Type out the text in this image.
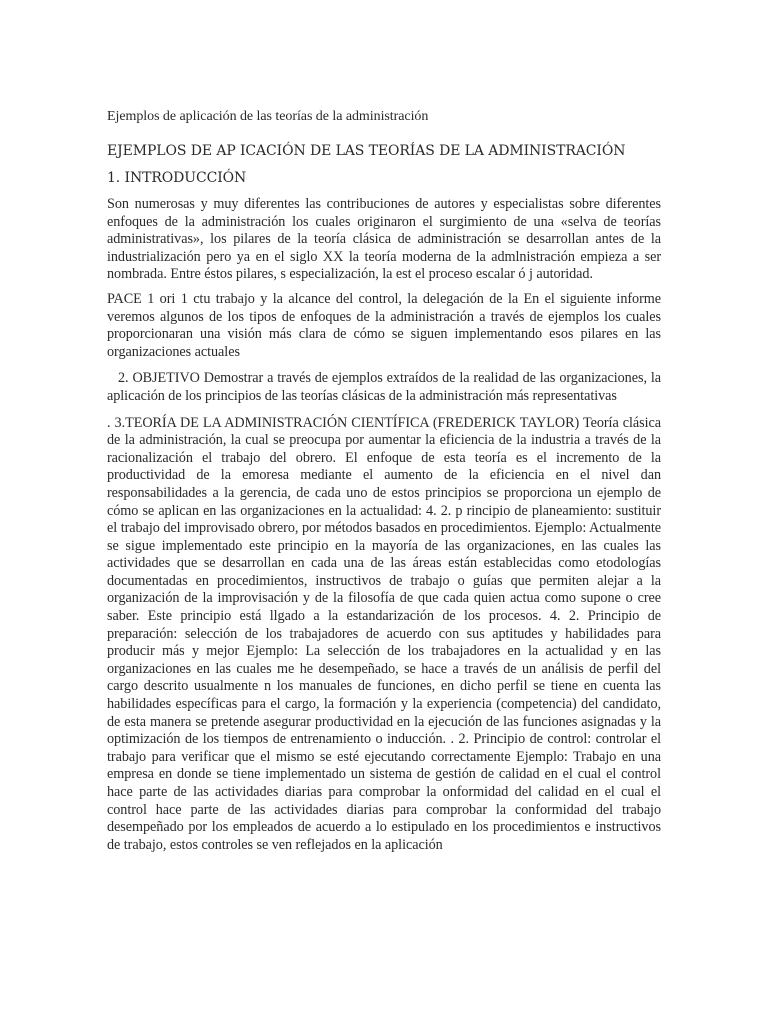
Ejemplos de aplicación de las teorías de la administración

EJEMPLOS DE AP ICACIÓN DE LAS TEORÍAS DE LA ADMINISTRACIÓN

1. INTRODUCCIÓN

Son numerosas y muy diferentes las contribuciones de autores y especialistas sobre diferentes enfoques de la administración los cuales originaron el surgimiento de una «selva de teorías administrativas», los pilares de la teoría clásica de administración se desarrollan antes de la industrialización pero ya en el siglo XX la teoría moderna de la admlnistración empieza a ser nombrada. Entre éstos pilares, s especialización, la est el proceso escalar ó j autoridad.

PACE 1 ori 1 ctu trabajo y la alcance del control, la delegación de la En el siguiente informe veremos algunos de los tipos de enfoques de la administración a través de ejemplos los cuales proporcionaran una visión más clara de cómo se siguen implementando esos pilares en las organizaciones actuales

2. OBJETIVO Demostrar a través de ejemplos extraídos de la realidad de las organizaciones, la aplicación de los principios de las teorías clásicas de la administración más representativas

. 3.TEORÍA DE LA ADMINISTRACIÓN CIENTÍFICA (FREDERICK TAYLOR) Teoría clásica de la administración, la cual se preocupa por aumentar la eficiencia de la industria a través de la racionalización el trabajo del obrero. El enfoque de esta teoría es el incremento de la productividad de la emoresa mediante el aumento de la eficiencia en el nivel dan responsabilidades a la gerencia, de cada uno de estos principios se proporciona un ejemplo de cómo se aplican en las organizaciones en la actualidad: 4. 2. p rincipio de planeamiento: sustituir el trabajo del improvisado obrero, por métodos basados en procedimientos. Ejemplo: Actualmente se sigue implementado este principio en la mayoría de las organizaciones, en las cuales las actividades que se desarrollan en cada una de las áreas están establecidas como etodologías documentadas en procedimientos, instructivos de trabajo o guías que permiten alejar a la organización de la improvisación y de la filosofía de que cada quien actua como supone o cree saber. Este principio está llgado a la estandarización de los procesos. 4. 2. Principio de preparación: selección de los trabajadores de acuerdo con sus aptitudes y habilidades para producir más y mejor Ejemplo: La selección de los trabajadores en la actualidad y en las organizaciones en las cuales me he desempeñado, se hace a través de un análisis de perfil del cargo descrito usualmente n los manuales de funciones, en dicho perfil se tiene en cuenta las habilidades específicas para el cargo, la formación y la experiencia (competencia) del candidato, de esta manera se pretende asegurar productividad en la ejecución de las funciones asignadas y la optimización de los tiempos de entrenamiento o inducción. . 2. Principio de control: controlar el trabajo para verificar que el mismo se esté ejecutando correctamente Ejemplo: Trabajo en una empresa en donde se tiene implementado un sistema de gestión de calidad en el cual el control hace parte de las actividades diarias para comprobar la onformidad del calidad en el cual el control hace parte de las actividades diarias para comprobar la conformidad del trabajo desempeñado por los empleados de acuerdo a lo estipulado en los procedimientos e instructivos de trabajo, estos controles se ven reflejados en la aplicación
